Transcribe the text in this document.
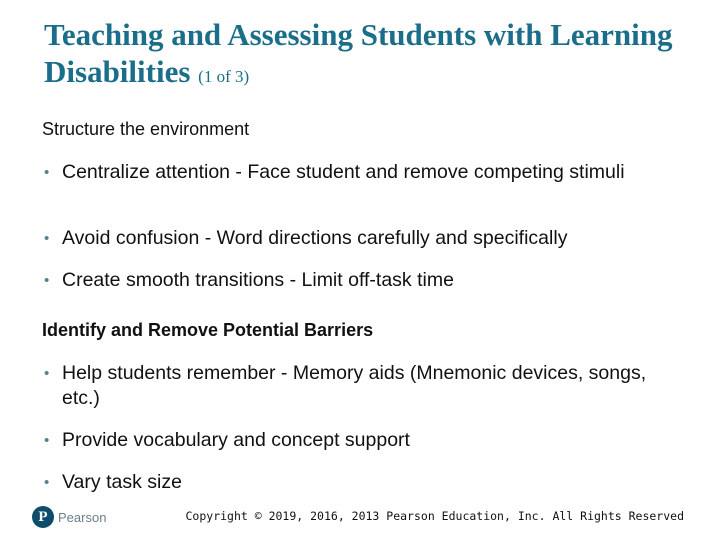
Teaching and Assessing Students with Learning Disabilities (1 of 3)
Structure the environment
• Centralize attention - Face student and remove competing stimuli
• Avoid confusion - Word directions carefully and specifically
• Create smooth transitions - Limit off-task time
Identify and Remove Potential Barriers
• Help students remember - Memory aids (Mnemonic devices, songs, etc.)
• Provide vocabulary and concept support
• Vary task size
P Pearson	Copyright © 2019, 2016, 2013 Pearson Education, Inc. All Rights Reserved
